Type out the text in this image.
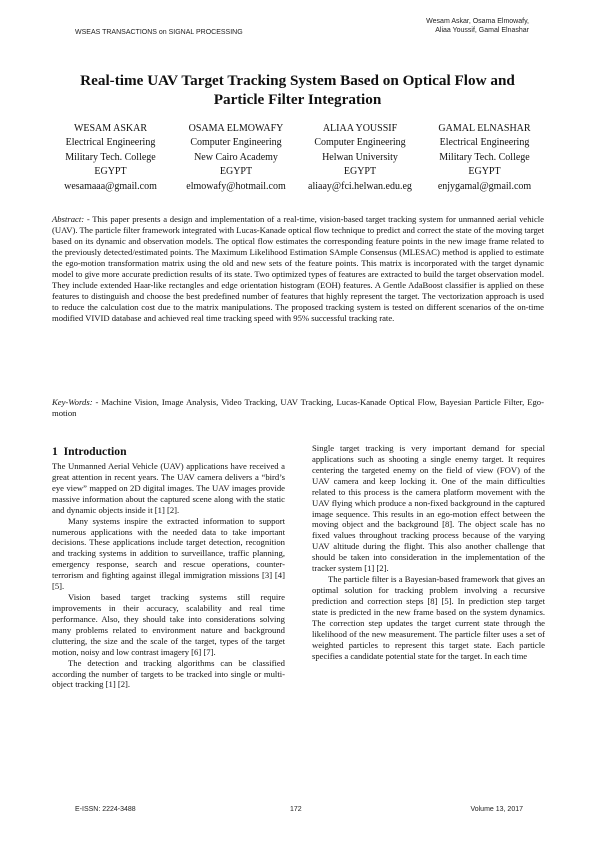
WSEAS TRANSACTIONS on SIGNAL PROCESSING
Wesam Askar, Osama Elmowafy,
Aliaa Youssif, Gamal Elnashar
Real-time UAV Target Tracking System Based on Optical Flow and
Particle Filter Integration
WESAM ASKAR
Electrical Engineering
Military Tech. College
EGYPT
wesamaaa@gmail.com
OSAMA ELMOWAFY
Computer Engineering
New Cairo Academy
EGYPT
elmowafy@hotmail.com
ALIAA YOUSSIF
Computer Engineering
Helwan University
EGYPT
aliaay@fci.helwan.edu.eg
GAMAL ELNASHAR
Electrical Engineering
Military Tech. College
EGYPT
enjygamal@gmail.com

Abstract: - This paper presents a design and implementation of a real-time, vision-based target tracking system for unmanned aerial vehicle (UAV). The particle filter framework integrated with Lucas-Kanade optical flow technique to predict and correct the state of the moving target based on its dynamic and observation models. The optical flow estimates the corresponding feature points in the new image frame related to the previously detected/estimated points. The Maximum Likelihood Estimation SAmple Consensus (MLESAC) method is applied to estimate the ego-motion transformation matrix using the old and new sets of the feature points. This matrix is incorporated with the target dynamic model to give more accurate prediction results of its state. Two optimized types of features are extracted to build the target observation model. They include extended Haar-like rectangles and edge orientation histogram (EOH) features. A Gentle AdaBoost classifier is applied on these features to distinguish and choose the best predefined number of features that highly represent the target. The vectorization approach is used to reduce the calculation cost due to the matrix manipulations. The proposed tracking system is tested on different scenarios of the on-time modified VIVID database and achieved real time tracking speed with 95% successful tracking rate.

Key-Words: - Machine Vision, Image Analysis, Video Tracking, UAV Tracking, Lucas-Kanade Optical Flow, Bayesian Particle Filter, Ego-motion

1 Introduction

The Unmanned Aerial Vehicle (UAV) applications have received a great attention in recent years. The UAV camera delivers a “bird’s eye view” mapped on 2D digital images. The UAV images provide massive information about the captured scene along with the static and dynamic objects inside it [1] [2].

Many systems inspire the extracted information to support numerous applications with the needed data to take important decisions. These applications include target detection, recognition and tracking systems in addition to surveillance, traffic planning, emergency response, search and rescue operations, counter-terrorism and fighting against illegal immigration missions [3] [4] [5].

Vision based target tracking systems still require improvements in their accuracy, scalability and real time performance. Also, they should take into considerations solving many problems related to environment nature and background cluttering, the size and the scale of the target, types of the target motion, noisy and low contrast imagery [6] [7].

The detection and tracking algorithms can be classified according the number of targets to be tracked into single or multi-object tracking [1] [2].

Single target tracking is very important demand for special applications such as shooting a single enemy target. It requires centering the targeted enemy on the field of view (FOV) of the UAV camera and keep locking it. One of the main difficulties related to this process is the camera platform movement with the UAV flying which produce a non-fixed background in the captured image sequence. This results in an ego-motion effect between the moving object and the background [8]. The object scale has no fixed values throughout tracking process because of the varying UAV altitude during the flight. This also another challenge that should be taken into consideration in the implementation of the tracker system [1] [2].

The particle filter is a Bayesian-based framework that gives an optimal solution for tracking problem involving a recursive prediction and correction steps [8] [5]. In prediction step target state is predicted in the new frame based on the system dynamics. The correction step updates the target current state through the likelihood of the new measurement. The particle filter uses a set of weighted particles to represent this target state. Each particle specifies a candidate potential state for the target. In each time

E-ISSN: 2224-3488	172	Volume 13, 2017
